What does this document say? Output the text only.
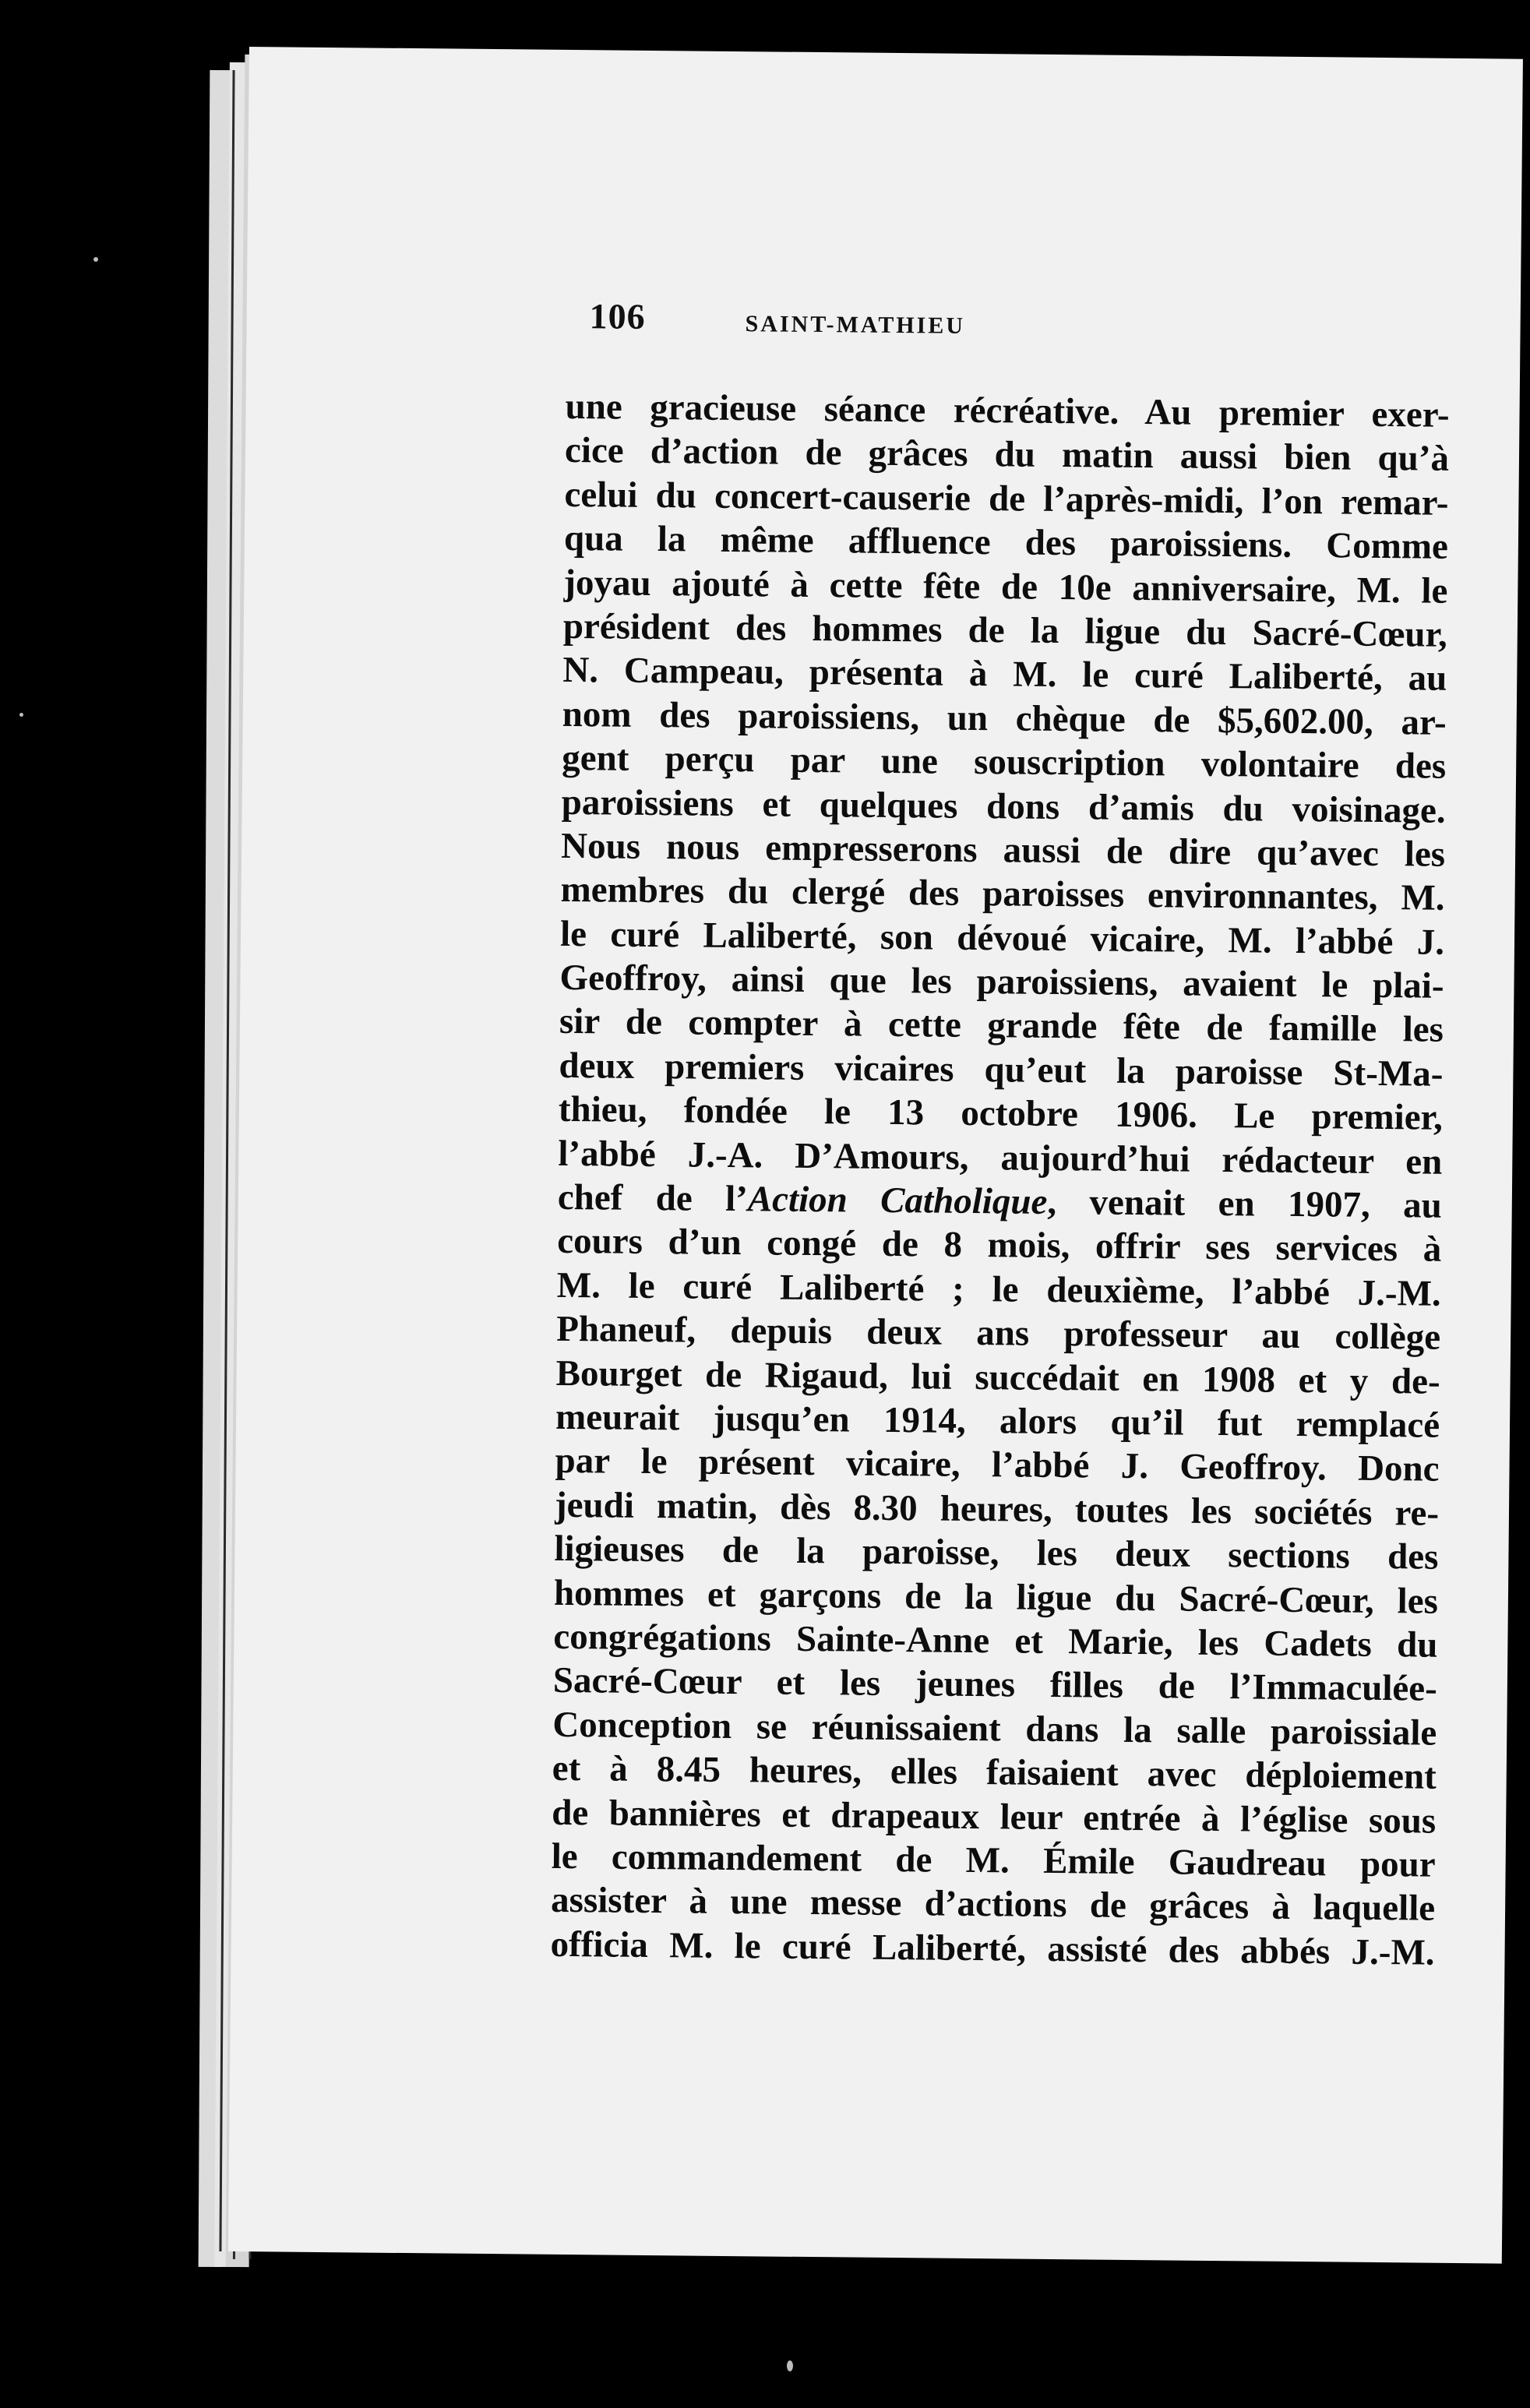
106	SAINT-MATHIEU
une gracieuse séance récréative. Au premier exer-
cice d’action de grâces du matin aussi bien qu’à
celui du concert-causerie de l’après-midi, l’on remar-
qua la même affluence des paroissiens. Comme
joyau ajouté à cette fête de 10e anniversaire, M. le
président des hommes de la ligue du Sacré-Cœur,
N. Campeau, présenta à M. le curé Laliberté, au
nom des paroissiens, un chèque de $5,602.00, ar-
gent perçu par une souscription volontaire des
paroissiens et quelques dons d’amis du voisinage.
Nous nous empresserons aussi de dire qu’avec les
membres du clergé des paroisses environnantes, M.
le curé Laliberté, son dévoué vicaire, M. l’abbé J.
Geoffroy, ainsi que les paroissiens, avaient le plai-
sir de compter à cette grande fête de famille les
deux premiers vicaires qu’eut la paroisse St-Ma-
thieu, fondée le 13 octobre 1906. Le premier,
l’abbé J.-A. D’Amours, aujourd’hui rédacteur en
chef de l’Action Catholique, venait en 1907, au
cours d’un congé de 8 mois, offrir ses services à
M. le curé Laliberté ; le deuxième, l’abbé J.-M.
Phaneuf, depuis deux ans professeur au collège
Bourget de Rigaud, lui succédait en 1908 et y de-
meurait jusqu’en 1914, alors qu’il fut remplacé
par le présent vicaire, l’abbé J. Geoffroy. Donc
jeudi matin, dès 8.30 heures, toutes les sociétés re-
ligieuses de la paroisse, les deux sections des
hommes et garçons de la ligue du Sacré-Cœur, les
congrégations Sainte-Anne et Marie, les Cadets du
Sacré-Cœur et les jeunes filles de l’Immaculée-
Conception se réunissaient dans la salle paroissiale
et à 8.45 heures, elles faisaient avec déploiement
de bannières et drapeaux leur entrée à l’église sous
le commandement de M. Émile Gaudreau pour
assister à une messe d’actions de grâces à laquelle
officia M. le curé Laliberté, assisté des abbés J.-M.
